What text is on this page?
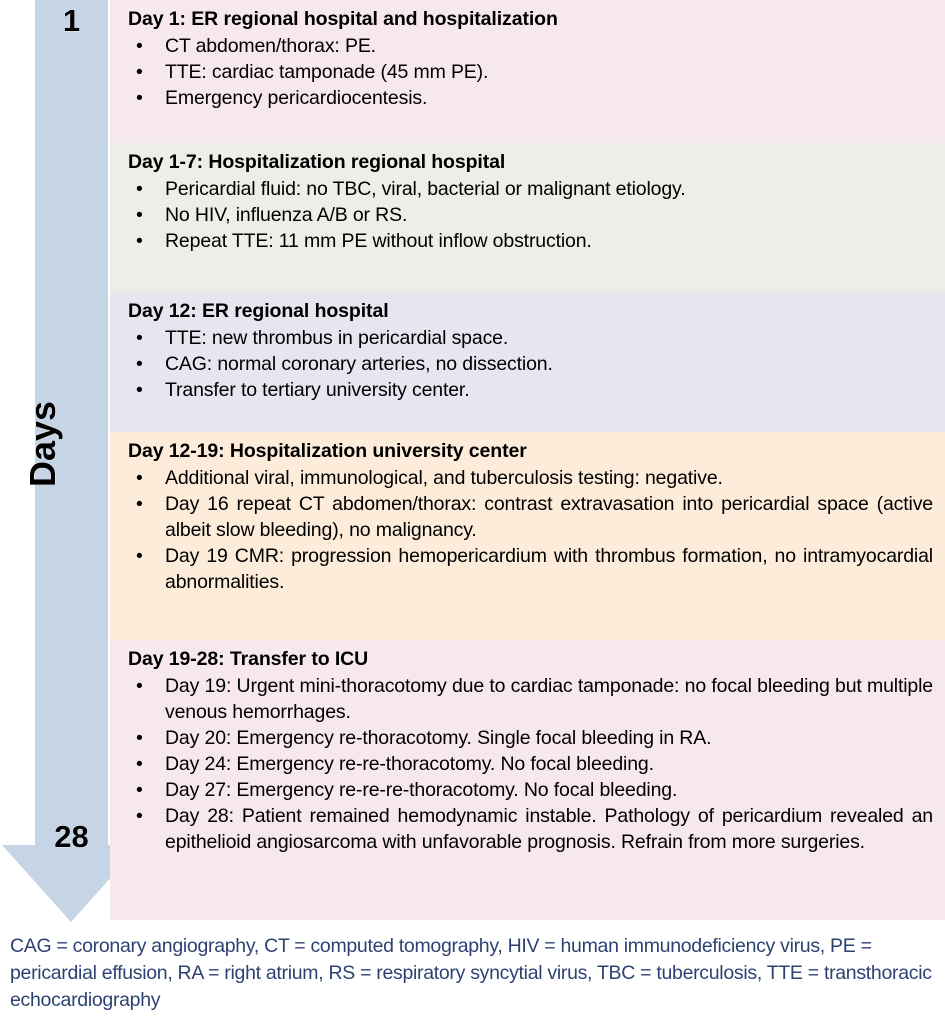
1
Days
28
Day 1: ER regional hospital and hospitalization
• CT abdomen/thorax: PE.
• TTE: cardiac tamponade (45 mm PE).
• Emergency pericardiocentesis.
Day 1-7: Hospitalization regional hospital
• Pericardial fluid: no TBC, viral, bacterial or malignant etiology.
• No HIV, influenza A/B or RS.
• Repeat TTE: 11 mm PE without inflow obstruction.
Day 12: ER regional hospital
• TTE: new thrombus in pericardial space.
• CAG: normal coronary arteries, no dissection.
• Transfer to tertiary university center.
Day 12-19: Hospitalization university center
• Additional viral, immunological, and tuberculosis testing: negative.
• Day 16 repeat CT abdomen/thorax: contrast extravasation into pericardial space (active albeit slow bleeding), no malignancy.
• Day 19 CMR: progression hemopericardium with thrombus formation, no intramyocardial abnormalities.
Day 19-28: Transfer to ICU
• Day 19: Urgent mini-thoracotomy due to cardiac tamponade: no focal bleeding but multiple venous hemorrhages.
• Day 20: Emergency re-thoracotomy. Single focal bleeding in RA.
• Day 24: Emergency re-re-thoracotomy. No focal bleeding.
• Day 27: Emergency re-re-re-thoracotomy. No focal bleeding.
• Day 28: Patient remained hemodynamic instable. Pathology of pericardium revealed an epithelioid angiosarcoma with unfavorable prognosis. Refrain from more surgeries.
CAG = coronary angiography, CT = computed tomography, HIV = human immunodeficiency virus, PE = pericardial effusion, RA = right atrium, RS = respiratory syncytial virus, TBC = tuberculosis, TTE = transthoracic echocardiography
